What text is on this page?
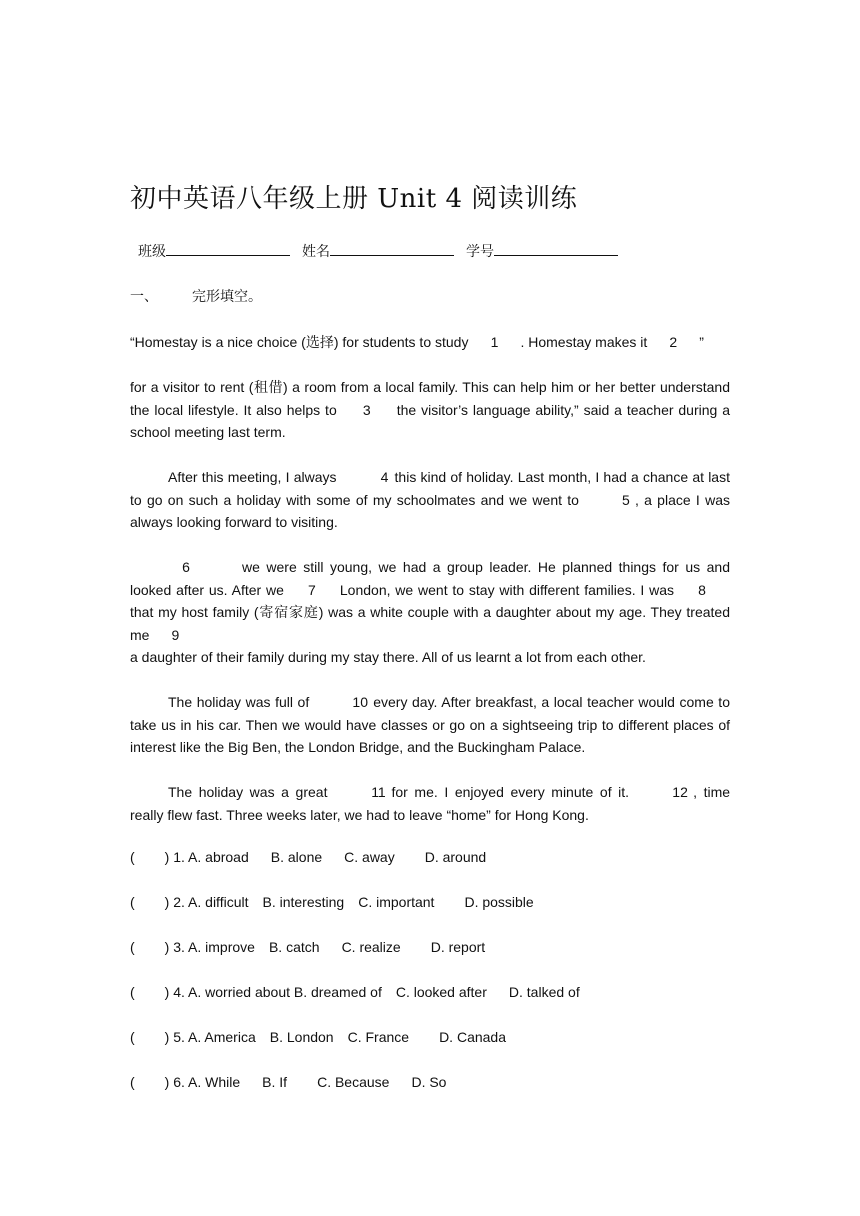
初中英语八年级上册 Unit 4 阅读训练
班级	姓名	学号
一、 完形填空。
“Homestay is a nice choice (选择) for students to study 1 . Homestay makes it 2 ”
for a visitor to rent (租借) a room from a local family. This can help him or her better understand the local lifestyle. It also helps to 3 the visitor’s language ability,” said a teacher during a school meeting last term.
After this meeting, I always	4 this kind of holiday. Last month, I had a chance at last to go on such a holiday with some of my schoolmates and we went to	5 , a place I was always looking forward to visiting.
6	we were still young, we had a group leader. He planned things for us and looked after us. After we 7 London, we went to stay with different families. I was 8that my host family (寄宿家庭) was a white couple with a daughter about my age. They treated me 9
a daughter of their family during my stay there. All of us learnt a lot from each other.
The holiday was full of	10 every day. After breakfast, a local teacher would come to take us in his car. Then we would have classes or go on a sightseeing trip to different places of interest like the Big Ben, the London Bridge, and the Buckingham Palace.
The holiday was a great	11 for me. I enjoyed every minute of it.	12 , time really flew fast. Three weeks later, we had to leave “home” for Hong Kong.
( ) 1. A. abroad B. alone C. away D. around
( ) 2. A. difficult B. interesting C. important D. possible
( ) 3. A. improve B. catch C. realize D. report
( ) 4. A. worried about B. dreamed of C. looked after D. talked of
( ) 5. A. America B. London C. France D. Canada
( ) 6. A. While B. If C. Because D. So
